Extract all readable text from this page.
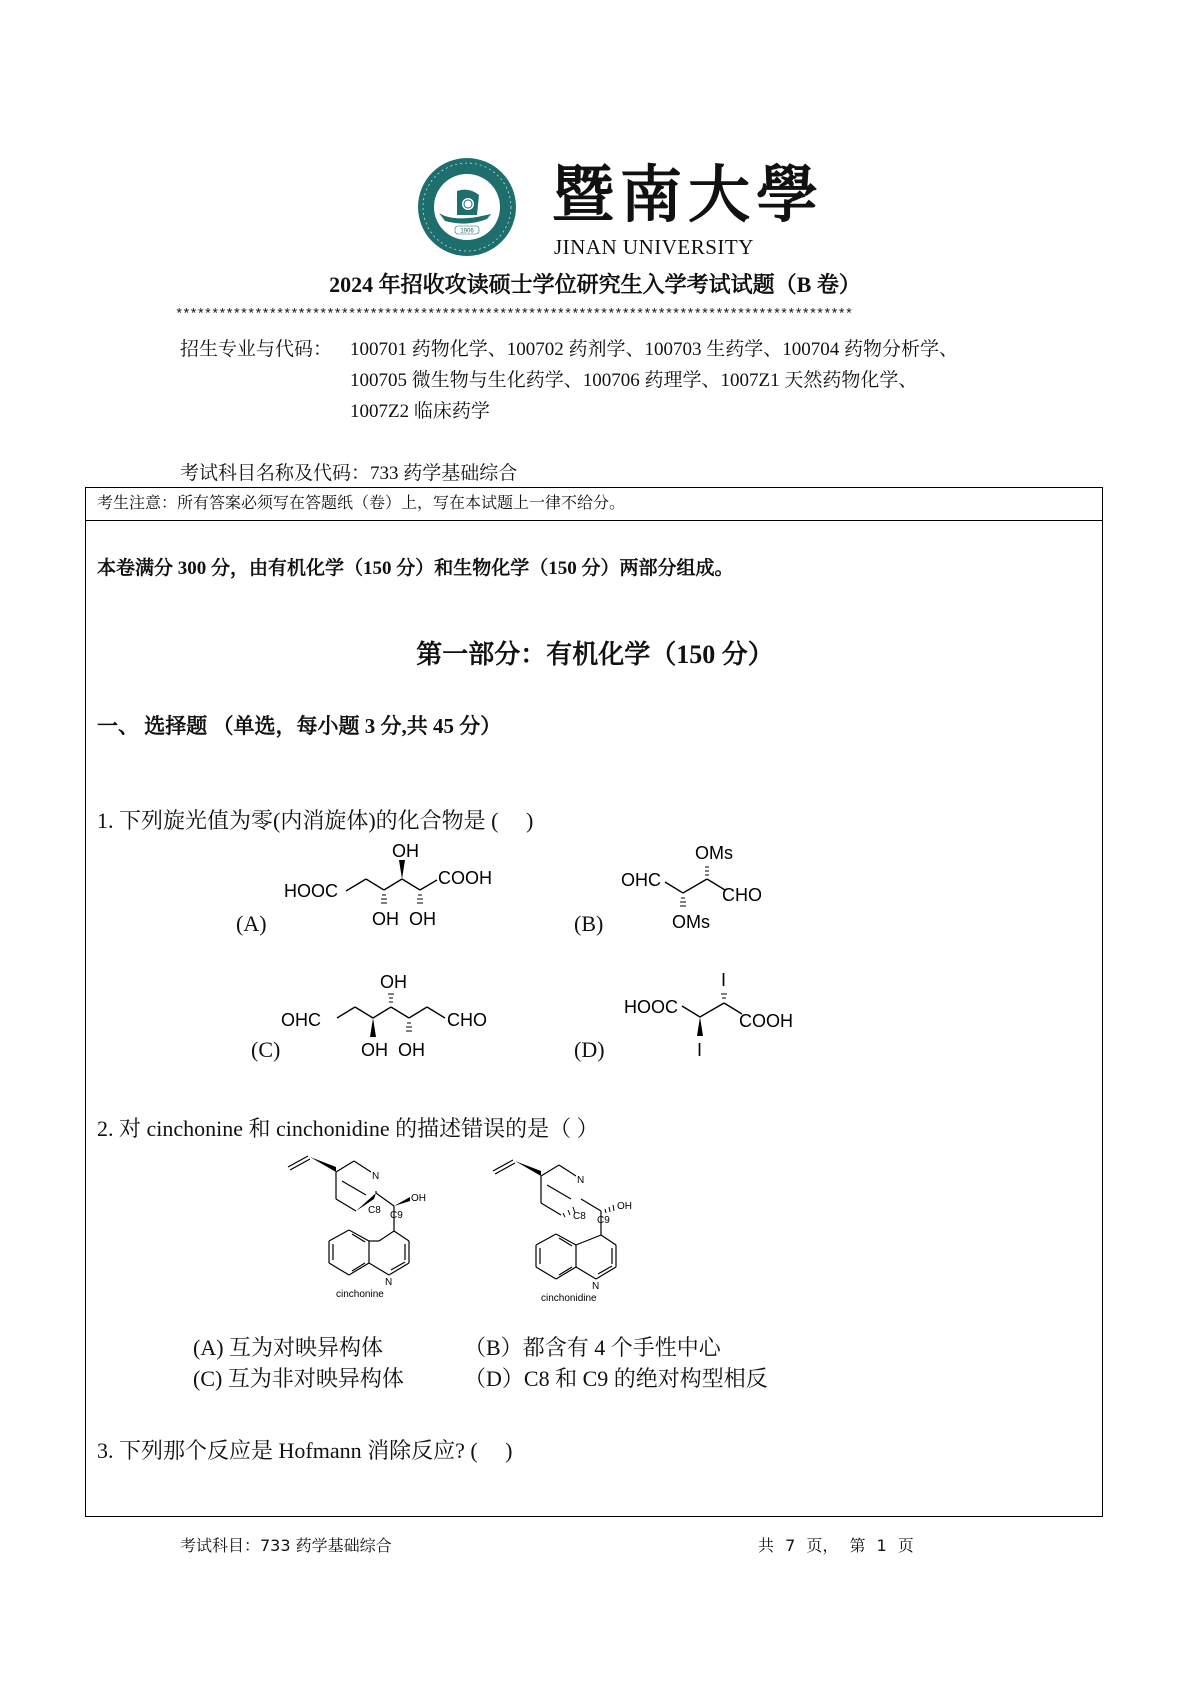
1906
暨南大學
JINAN UNIVERSITY
2024 年招收攻读硕士学位研究生入学考试试题（B 卷）
**********************************************************************************************
招生专业与代码： 100701 药物化学、100702 药剂学、100703 生药学、100704 药物分析学、
100705 微生物与生化药学、100706 药理学、1007Z1 天然药物化学、
1007Z2 临床药学
考试科目名称及代码：733 药学基础综合
考生注意：所有答案必须写在答题纸（卷）上，写在本试题上一律不给分。
本卷满分 300 分，由有机化学（150 分）和生物化学（150 分）两部分组成。
第一部分：有机化学（150 分）
一、 选择题 （单选，每小题 3 分,共 45 分）
1. 下列旋光值为零(内消旋体)的化合物是 (　 )
(A)
HOOC
OH
COOH
OH OH	(B)
OHC
OMs
CHO
OMs
(C)
OHC
OH
CHO
OH OH	(D)
HOOC
I
COOH
I
2. 对 cinchonine 和 cinchonidine 的描述错误的是（ ）
N
OH
C8 C9
N
cinchonine
N
OH
C8 C9
N
cinchonidine
(A) 互为对映异构体	（B）都含有 4 个手性中心
(C) 互为非对映异构体	（D）C8 和 C9 的绝对构型相反
3. 下列那个反应是 Hofmann 消除反应? (　 )
考试科目：733 药学基础综合	共 7 页， 第 1 页
